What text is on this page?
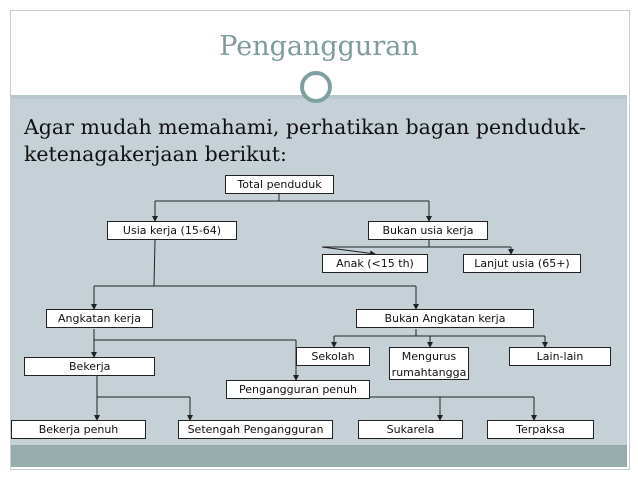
Pengangguran
Agar mudah memahami, perhatikan bagan penduduk-ketenagakerjaan berikut:
Total penduduk
Usia kerja (15-64)	Bukan usia kerja
Anak (<15 th)	Lanjut usia (65+)
Angkatan kerja	Bukan Angkatan kerja
Sekolah	Mengurus rumahtangga
Lain-lain
Bekerja
Pengangguran penuh
Bekerja penuh	Setengah Pengangguran	Sukarela	Terpaksa
